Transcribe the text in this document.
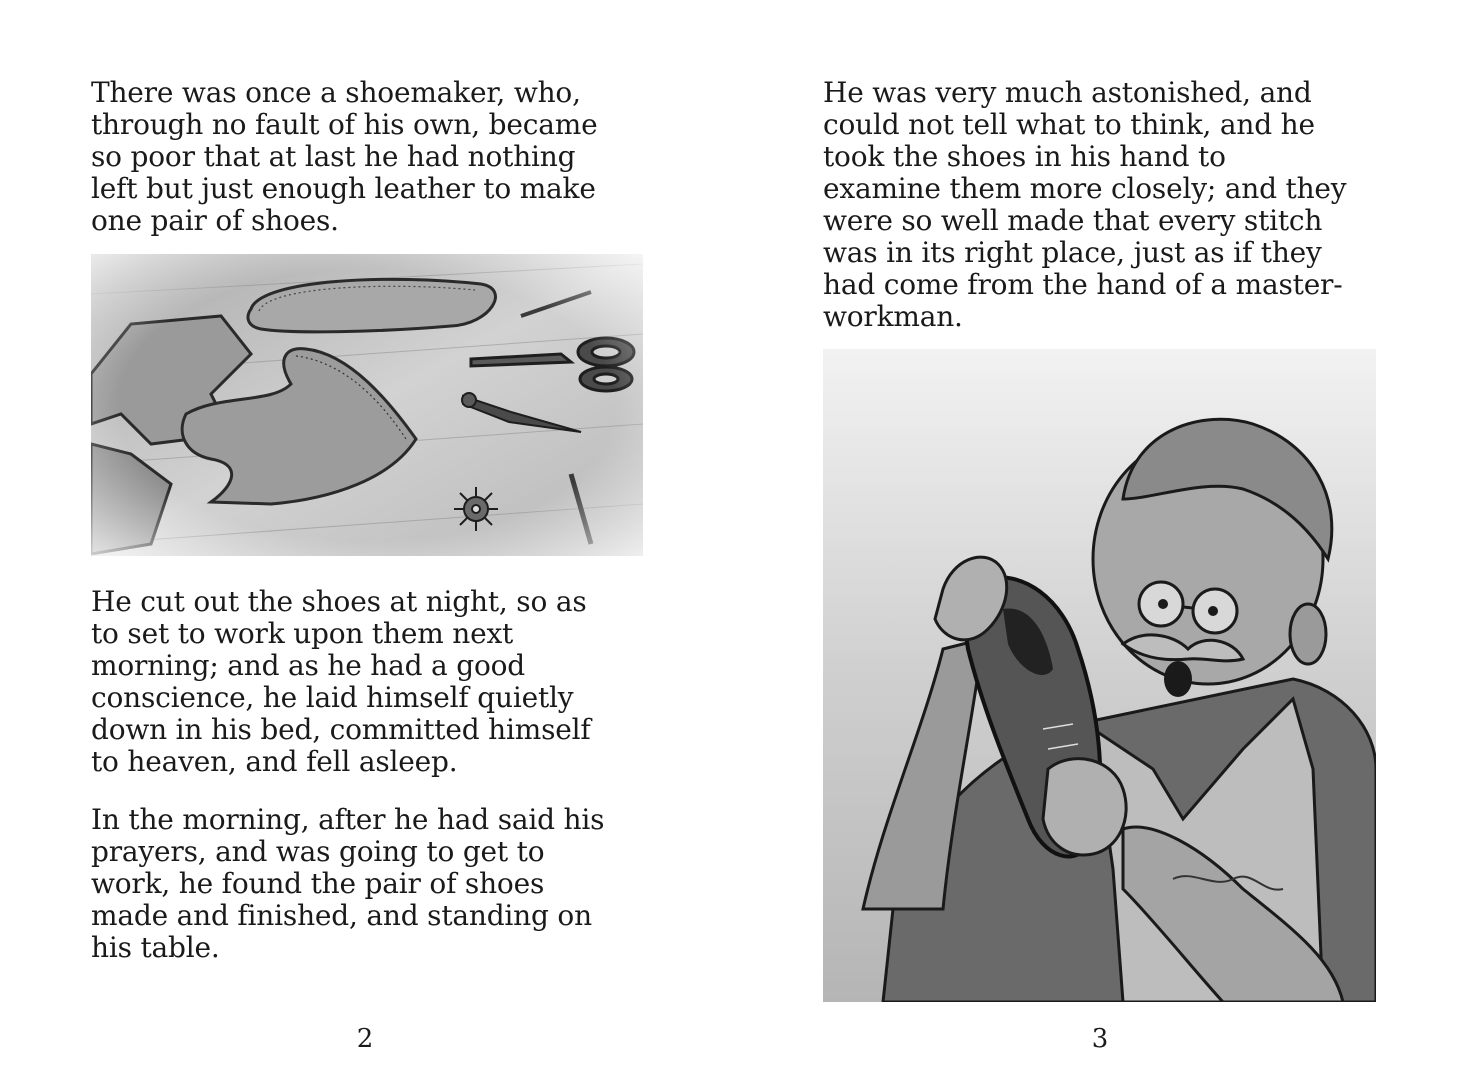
There was once a shoemaker, who,
through no fault of his own, became
so poor that at last he had nothing
left but just enough leather to make
one pair of shoes.

He cut out the shoes at night, so as
to set to work upon them next
morning; and as he had a good
conscience, he laid himself quietly
down in his bed, committed himself
to heaven, and fell asleep.

In the morning, after he had said his
prayers, and was going to get to
work, he found the pair of shoes
made and finished, and standing on
his table.

2

He was very much astonished, and
could not tell what to think, and he
took the shoes in his hand to
examine them more closely; and they
were so well made that every stitch
was in its right place, just as if they
had come from the hand of a master-
workman.

3
